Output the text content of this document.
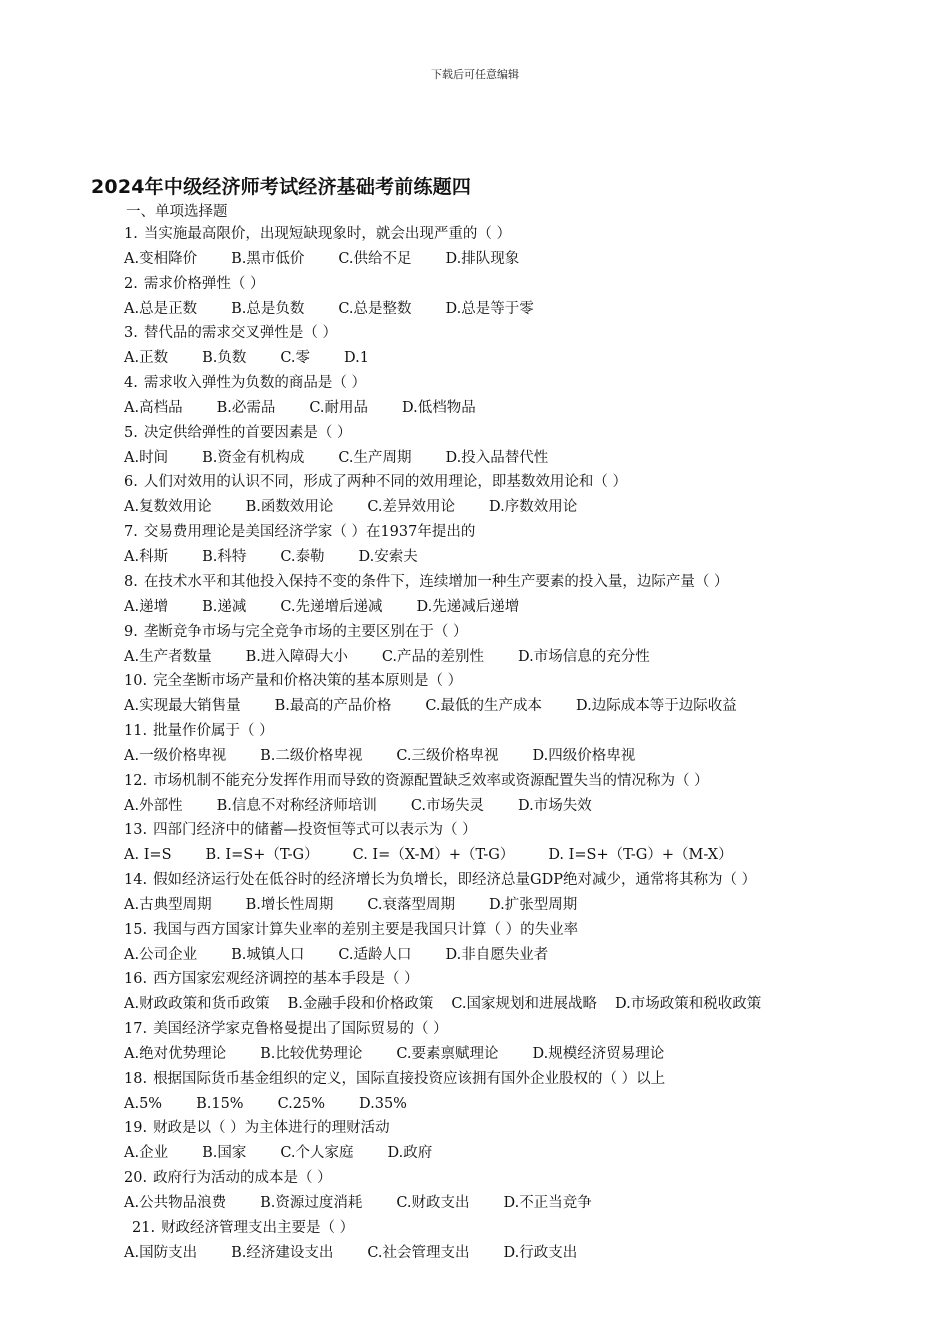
下载后可任意编辑
2024年中级经济师考试经济基础考前练题四
一、单项选择题
1. 当实施最高限价，出现短缺现象时，就会出现严重的（ ）
A.变相降价	B.黑市低价	C.供给不足	D.排队现象
2. 需求价格弹性（ ）
A.总是正数	B.总是负数	C.总是整数	D.总是等于零
3. 替代品的需求交叉弹性是（ ）
A.正数	B.负数	C.零	D.1
4. 需求收入弹性为负数的商品是（ ）
A.高档品	B.必需品	C.耐用品	D.低档物品
5. 决定供给弹性的首要因素是（ ）
A.时间	B.资金有机构成	C.生产周期	D.投入品替代性
6. 人们对效用的认识不同，形成了两种不同的效用理论，即基数效用论和（ ）
A.复数效用论	B.函数效用论	C.差异效用论	D.序数效用论
7. 交易费用理论是美国经济学家（ ）在1937年提出的
A.科斯	B.科特	C.泰勒	D.安索夫
8. 在技术水平和其他投入保持不变的条件下，连续增加一种生产要素的投入量，边际产量（ ）
A.递增	B.递减	C.先递增后递减	D.先递减后递增
9. 垄断竞争市场与完全竞争市场的主要区别在于（ ）
A.生产者数量	B.进入障碍大小	C.产品的差别性	D.市场信息的充分性
10. 完全垄断市场产量和价格决策的基本原则是（ ）
A.实现最大销售量	B.最高的产品价格	C.最低的生产成本	D.边际成本等于边际收益
11. 批量作价属于（ ）
A.一级价格卑视	B.二级价格卑视	C.三级价格卑视	D.四级价格卑视
12. 市场机制不能充分发挥作用而导致的资源配置缺乏效率或资源配置失当的情况称为（ ）
A.外部性	B.信息不对称经济师培训	C.市场失灵	D.市场失效
13. 四部门经济中的储蓄—投资恒等式可以表示为（ ）
A. I=S	B. I=S+（T-G）	C. I=（X-M）+（T-G）	D. I=S+（T-G）+（M-X）
14. 假如经济运行处在低谷时的经济增长为负增长，即经济总量GDP绝对减少，通常将其称为（ ）
A.古典型周期	B.增长性周期	C.衰落型周期	D.扩张型周期
15. 我国与西方国家计算失业率的差别主要是我国只计算（ ）的失业率
A.公司企业	B.城镇人口	C.适龄人口	D.非自愿失业者
16. 西方国家宏观经济调控的基本手段是（ ）
A.财政政策和货币政策	B.金融手段和价格政策	C.国家规划和进展战略	D.市场政策和税收政策
17. 美国经济学家克鲁格曼提出了国际贸易的（ ）
A.绝对优势理论	B.比较优势理论	C.要素禀赋理论	D.规模经济贸易理论
18. 根据国际货币基金组织的定义，国际直接投资应该拥有国外企业股权的（ ）以上
A.5%	B.15%	C.25%	D.35%
19. 财政是以（ ）为主体进行的理财活动
A.企业	B.国家	C.个人家庭	D.政府
20. 政府行为活动的成本是（ ）
A.公共物品浪费	B.资源过度消耗	C.财政支出	D.不正当竞争
21. 财政经济管理支出主要是（ ）
A.国防支出	B.经济建设支出	C.社会管理支出	D.行政支出
